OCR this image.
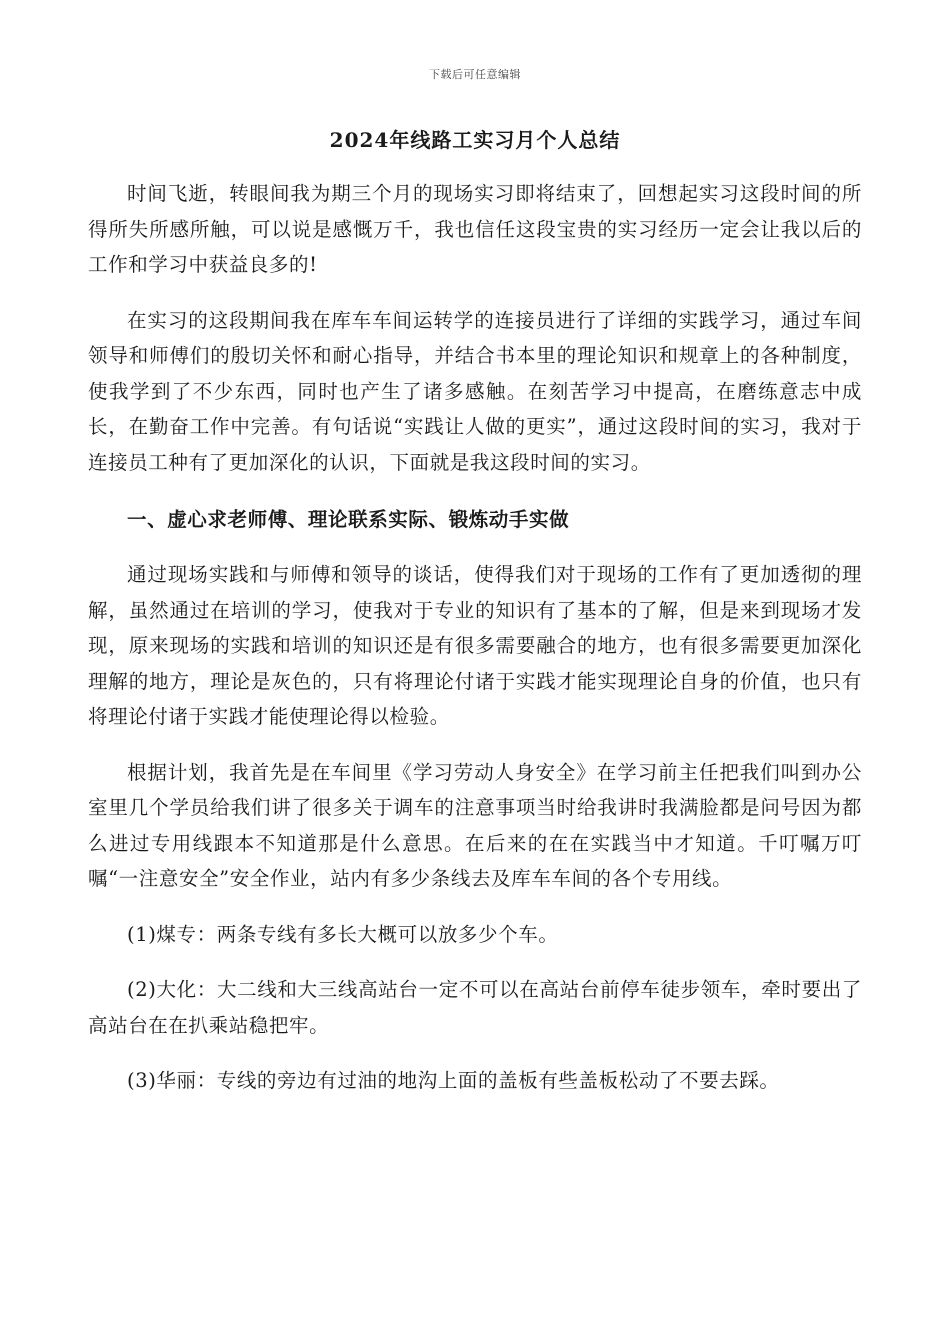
下载后可任意编辑
2024年线路工实习月个人总结

时间飞逝，转眼间我为期三个月的现场实习即将结束了，回想起实习这段时间的所得所失所感所触，可以说是感慨万千，我也信任这段宝贵的实习经历一定会让我以后的工作和学习中获益良多的!

在实习的这段期间我在库车车间运转学的连接员进行了详细的实践学习，通过车间领导和师傅们的殷切关怀和耐心指导，并结合书本里的理论知识和规章上的各种制度，使我学到了不少东西，同时也产生了诸多感触。在刻苦学习中提高，在磨练意志中成长，在勤奋工作中完善。有句话说“实践让人做的更实”，通过这段时间的实习，我对于连接员工种有了更加深化的认识，下面就是我这段时间的实习。

一、虚心求老师傅、理论联系实际、锻炼动手实做

通过现场实践和与师傅和领导的谈话，使得我们对于现场的工作有了更加透彻的理解，虽然通过在培训的学习，使我对于专业的知识有了基本的了解，但是来到现场才发现，原来现场的实践和培训的知识还是有很多需要融合的地方，也有很多需要更加深化理解的地方，理论是灰色的，只有将理论付诸于实践才能实现理论自身的价值，也只有将理论付诸于实践才能使理论得以检验。

根据计划，我首先是在车间里《学习劳动人身安全》在学习前主任把我们叫到办公室里几个学员给我们讲了很多关于调车的注意事项当时给我讲时我满脸都是问号因为都么进过专用线跟本不知道那是什么意思。在后来的在在实践当中才知道。千叮嘱万叮嘱“一注意安全”安全作业，站内有多少条线去及库车车间的各个专用线。

(1)煤专：两条专线有多长大概可以放多少个车。

(2)大化：大二线和大三线高站台一定不可以在高站台前停车徒步领车，牵时要出了高站台在在扒乘站稳把牢。

(3)华丽：专线的旁边有过油的地沟上面的盖板有些盖板松动了不要去踩。
